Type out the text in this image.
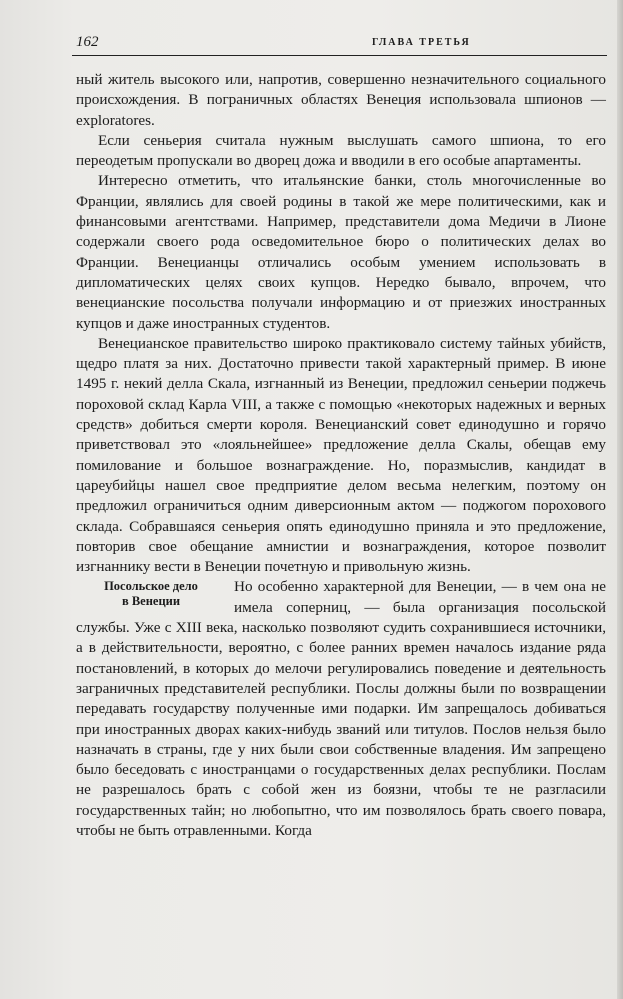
162	ГЛАВА ТРЕТЬЯ

ный житель высокого или, напротив, совершенно незначительного социального происхождения. В пограничных областях Венеция использовала шпионов — exploratores.

Если сеньерия считала нужным выслушать самого шпиона, то его переодетым пропускали во дворец дожа и вводили в его особые апартаменты.

Интересно отметить, что итальянские банки, столь многочисленные во Франции, являлись для своей родины в такой же мере политическими, как и финансовыми агентствами. Например, представители дома Медичи в Лионе содержали своего рода осведомительное бюро о политических делах во Франции. Венецианцы отличались особым умением использовать в дипломатических целях своих купцов. Нередко бывало, впрочем, что венецианские посольства получали информацию и от приезжих иностранных купцов и даже иностранных студентов.

Венецианское правительство широко практиковало систему тайных убийств, щедро платя за них. Достаточно привести такой характерный пример. В июне 1495 г. некий делла Скала, изгнанный из Венеции, предложил сеньерии поджечь пороховой склад Карла VIII, а также с помощью «некоторых надежных и верных средств» добиться смерти короля. Венецианский совет единодушно и горячо приветствовал это «лояльнейшее» предложение делла Скалы, обещав ему помилование и большое вознаграждение. Но, поразмыслив, кандидат в цареубийцы нашел свое предприятие делом весьма нелегким, поэтому он предложил ограничиться одним диверсионным актом — поджогом порохового склада. Собравшаяся сеньерия опять единодушно приняла и это предложение, повторив свое обещание амнистии и вознаграждения, которое позволит изгнаннику вести в Венеции почетную и привольную жизнь.

Посольское дело
в Венеции

Но особенно характерной для Венеции, — в чем она не имела соперниц, — была организация посольской службы. Уже с XIII века, насколько позволяют судить сохранившиеся источники, а в действительности, вероятно, с более ранних времен началось издание ряда постановлений, в которых до мелочи регулировались поведение и деятельность заграничных представителей республики. Послы должны были по возвращении передавать государству полученные ими подарки. Им запрещалось добиваться при иностранных дворах каких-нибудь званий или титулов. Послов нельзя было назначать в страны, где у них были свои собственные владения. Им запрещено было беседовать с иностранцами о государственных делах республики. Послам не разрешалось брать с собой жен из боязни, чтобы те не разгласили государственных тайн; но любопытно, что им позволялось брать своего повара, чтобы не быть отравленными. Когда
